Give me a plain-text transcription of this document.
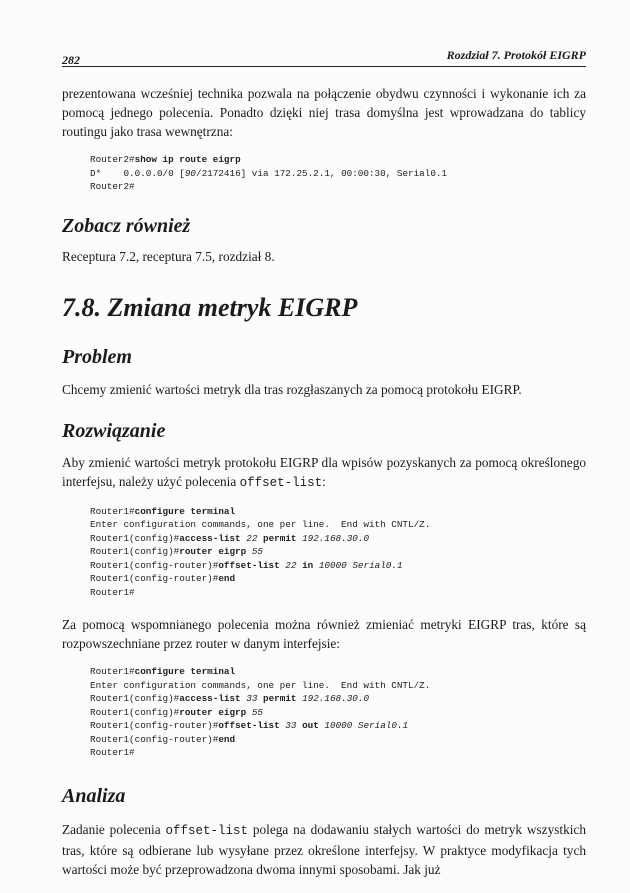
282	Rozdział 7. Protokół EIGRP

prezentowana wcześniej technika pozwala na połączenie obydwu czynności i wykonanie ich za pomocą jednego polecenia. Ponadto dzięki niej trasa domyślna jest wprowadzana do tablicy routingu jako trasa wewnętrzna:

Router2#show ip route eigrp
D*    0.0.0.0/0 [90/2172416] via 172.25.2.1, 00:00:30, Serial0.1
Router2#
Zobacz również

Receptura 7.2, receptura 7.5, rozdział 8.

7.8. Zmiana metryk EIGRP
Problem

Chcemy zmienić wartości metryk dla tras rozgłaszanych za pomocą protokołu EIGRP.

Rozwiązanie

Aby zmienić wartości metryk protokołu EIGRP dla wpisów pozyskanych za pomocą określonego interfejsu, należy użyć polecenia offset-list:

Router1#configure terminal
Enter configuration commands, one per line.  End with CNTL/Z.
Router1(config)#access-list 22 permit 192.168.30.0
Router1(config)#router eigrp 55
Router1(config-router)#offset-list 22 in 10000 Serial0.1
Router1(config-router)#end
Router1#

Za pomocą wspomnianego polecenia można również zmieniać metryki EIGRP tras, które są rozpowszechniane przez router w danym interfejsie:

Router1#configure terminal
Enter configuration commands, one per line.  End with CNTL/Z.
Router1(config)#access-list 33 permit 192.168.30.0
Router1(config)#router eigrp 55
Router1(config-router)#offset-list 33 out 10000 Serial0.1
Router1(config-router)#end
Router1#
Analiza

Zadanie polecenia offset-list polega na dodawaniu stałych wartości do metryk wszystkich tras, które są odbierane lub wysyłane przez określone interfejsy. W praktyce modyfikacja tych wartości może być przeprowadzona dwoma innymi sposobami. Jak już
